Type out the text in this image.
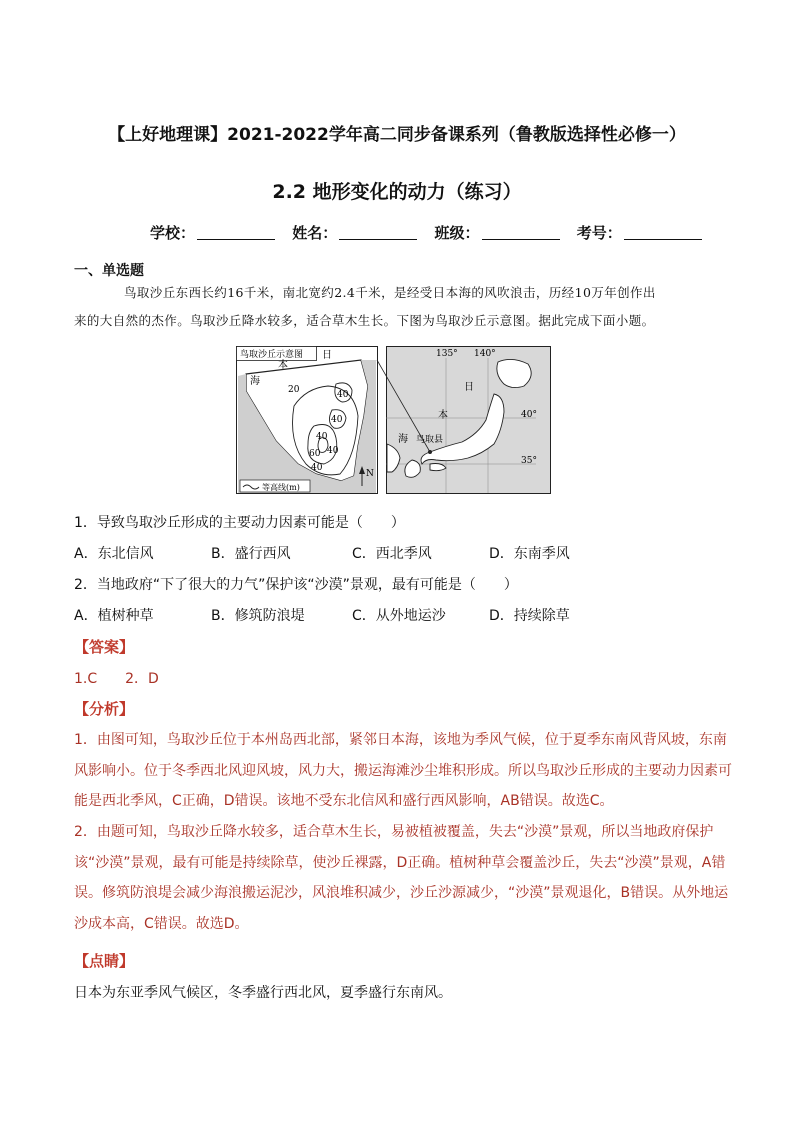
【上好地理课】2021-2022学年高二同步备课系列（鲁教版选择性必修一）
2.2 地形变化的动力（练习）
学校：	姓名：	班级：	考号：
一、单选题
鸟取沙丘东西长约16千米，南北宽约2.4千米，是经受日本海的风吹浪击，历经10万年创作出
来的大自然的杰作。鸟取沙丘降水较多，适合草木生长。下图为鸟取沙丘示意图。据此完成下面小题。
鸟取沙丘示意图 日
本
海
20	40
40
40
40
60
40
N
等高线(m)
135° 140°
40°
35°
日
本
海 鸟取县
1．导致鸟取沙丘形成的主要动力因素可能是（　　）
A．东北信风	B．盛行西风	C．西北季风	D．东南季风
2．当地政府“下了很大的力气”保护该“沙漠”景观，最有可能是（　　）
A．植树种草	B．修筑防浪堤	C．从外地运沙	D．持续除草
【答案】
1.C　　2．D
【分析】
1．由图可知，鸟取沙丘位于本州岛西北部，紧邻日本海，该地为季风气候，位于夏季东南风背风坡，东南风影响小。位于冬季西北风迎风坡，风力大，搬运海滩沙尘堆积形成。所以鸟取沙丘形成的主要动力因素可能是西北季风，C正确，D错误。该地不受东北信风和盛行西风影响，AB错误。故选C。
2．由题可知，鸟取沙丘降水较多，适合草木生长，易被植被覆盖，失去“沙漠”景观，所以当地政府保护该“沙漠”景观，最有可能是持续除草，使沙丘裸露，D正确。植树种草会覆盖沙丘，失去“沙漠”景观，A错误。修筑防浪堤会减少海浪搬运泥沙，风浪堆积减少，沙丘沙源减少，“沙漠”景观退化，B错误。从外地运沙成本高，C错误。故选D。
【点睛】
日本为东亚季风气候区，冬季盛行西北风，夏季盛行东南风。
